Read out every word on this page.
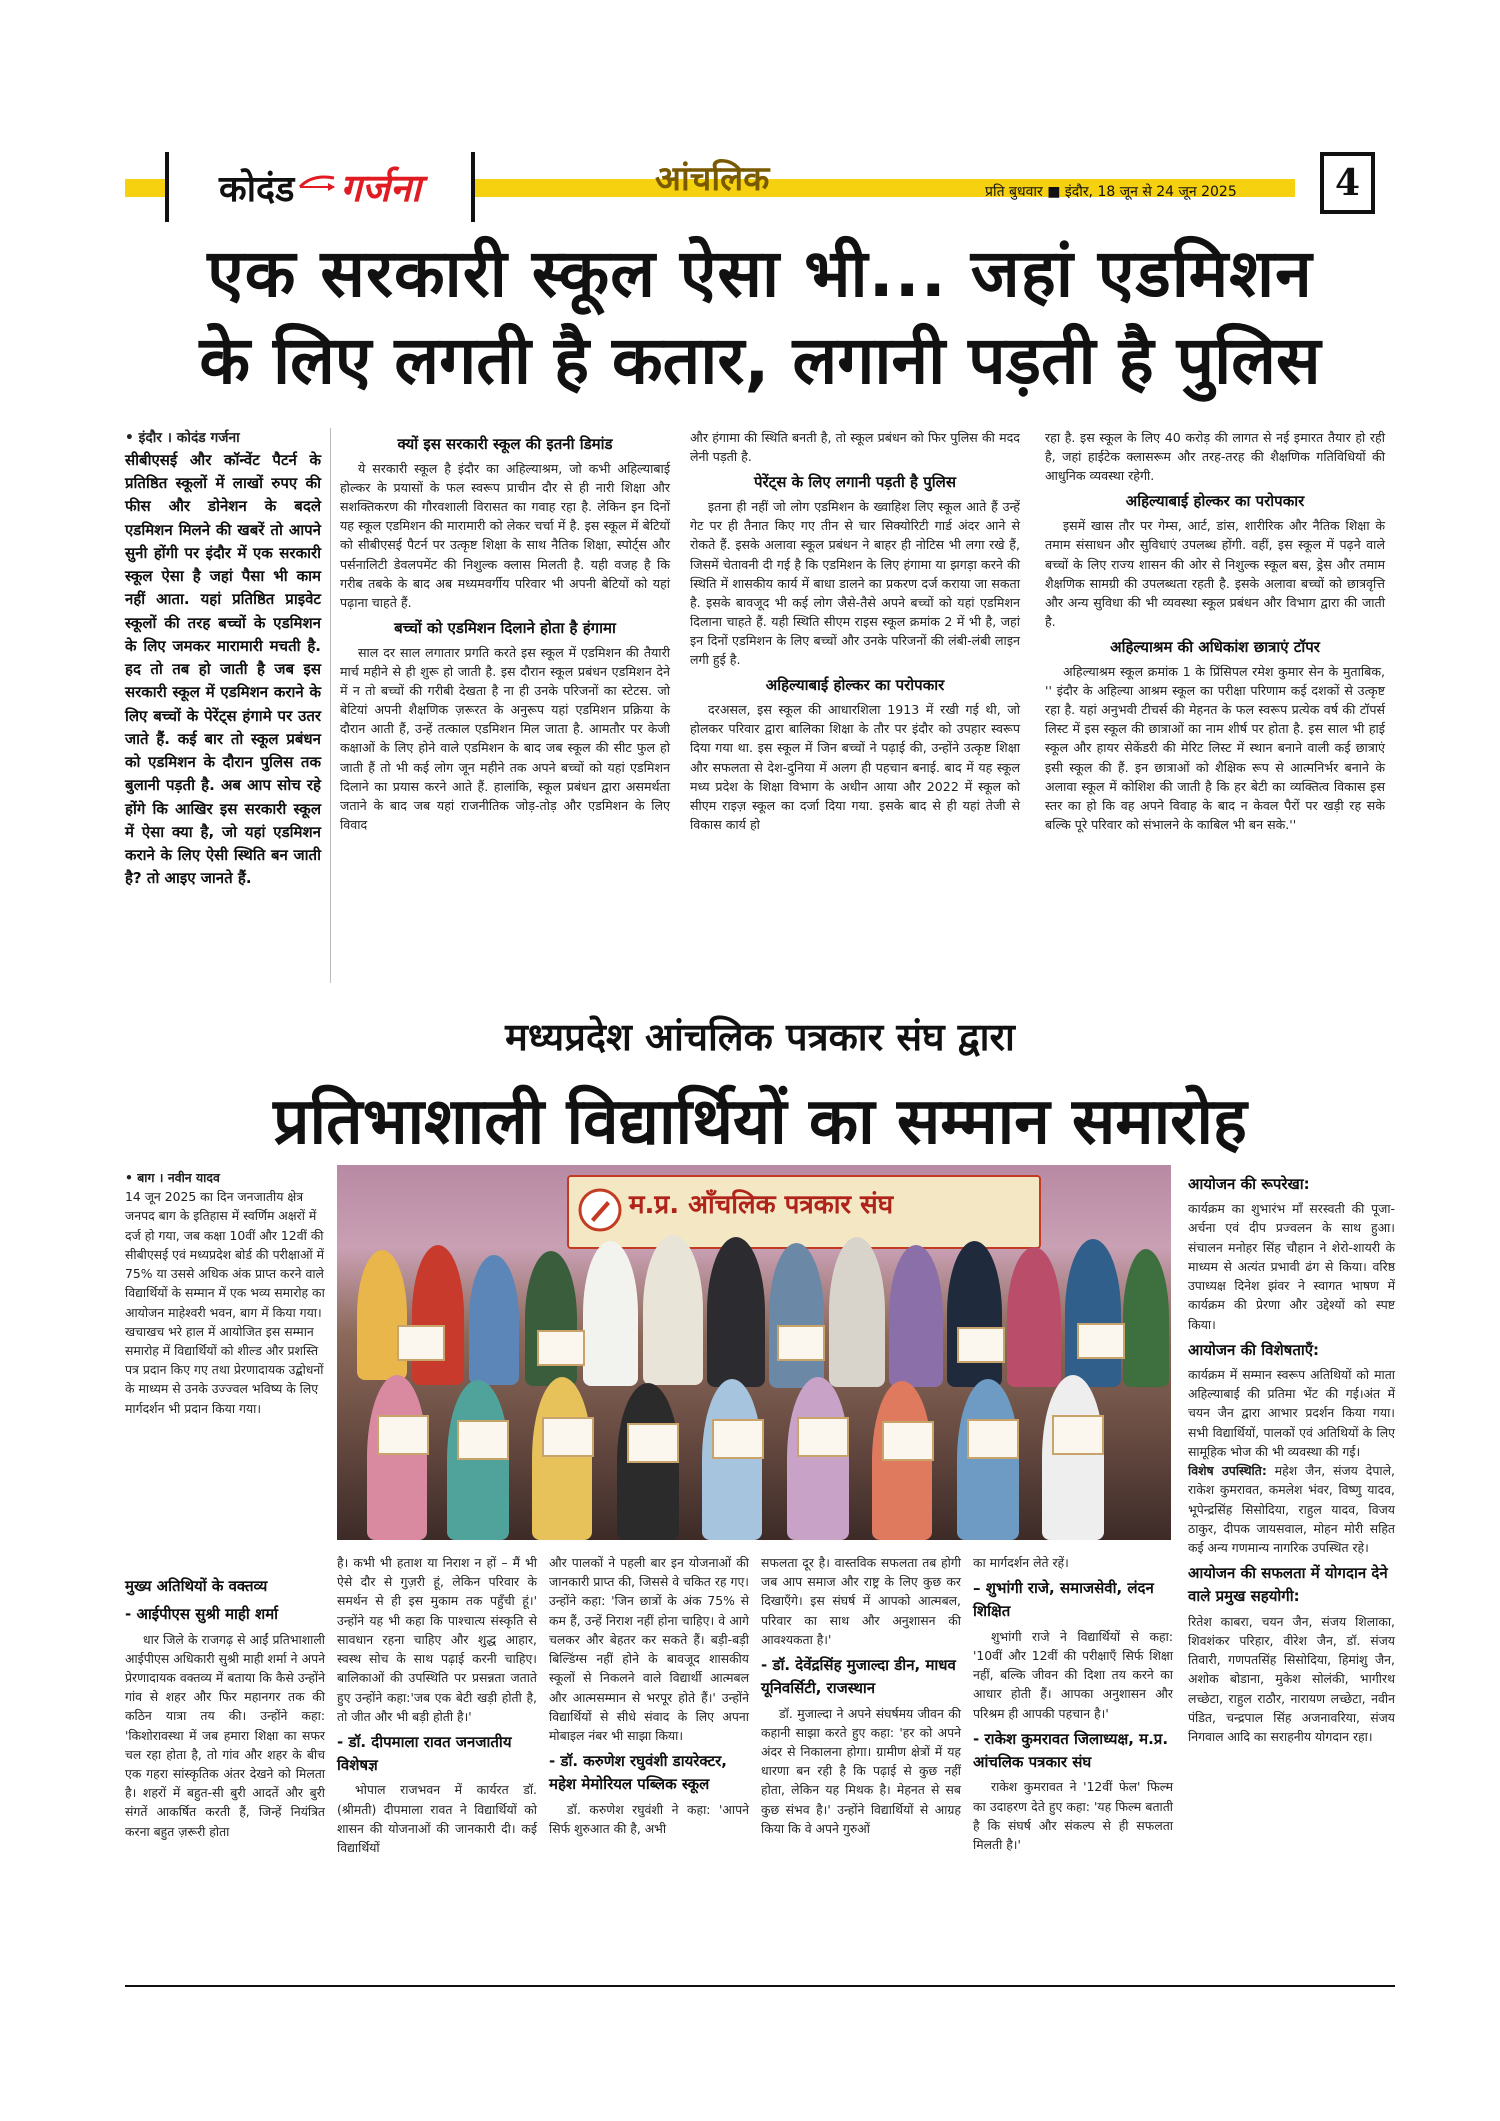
कोदंड गर्जना	आंचलिक	प्रति बुधवार ■ इंदौर, 18 जून से 24 जून 2025	4
एक सरकारी स्कूल ऐसा भी... जहां एडमिशन
के लिए लगती है कतार, लगानी पड़ती है पुलिस

• इंदौर । कोदंड गर्जना

सीबीएसई और कॉन्वेंट पैटर्न के प्रतिष्ठित स्कूलों में लाखों रुपए की फीस और डोनेशन के बदले एडमिशन मिलने की खबरें तो आपने सुनी होंगी पर इंदौर में एक सरकारी स्कूल ऐसा है जहां पैसा भी काम नहीं आता. यहां प्रतिष्ठित प्राइवेट स्कूलों की तरह बच्चों के एडमिशन के लिए जमकर मारामारी मचती है. हद तो तब हो जाती है जब इस सरकारी स्कूल में एडमिशन कराने के लिए बच्चों के पेरेंट्स हंगामे पर उतर जाते हैं. कई बार तो स्कूल प्रबंधन को एडमिशन के दौरान पुलिस तक बुलानी पड़ती है. अब आप सोच रहे होंगे कि आखिर इस सरकारी स्कूल में ऐसा क्या है, जो यहां एडमिशन कराने के लिए ऐसी स्थिति बन जाती है? तो आइए जानते हैं.

क्यों इस सरकारी स्कूल की इतनी डिमांड

ये सरकारी स्कूल है इंदौर का अहिल्याश्रम, जो कभी अहिल्याबाई होल्कर के प्रयासों के फल स्वरूप प्राचीन दौर से ही नारी शिक्षा और सशक्तिकरण की गौरवशाली विरासत का गवाह रहा है. लेकिन इन दिनों यह स्कूल एडमिशन की मारामारी को लेकर चर्चा में है. इस स्कूल में बेटियों को सीबीएसई पैटर्न पर उत्कृष्ट शिक्षा के साथ नैतिक शिक्षा, स्पोर्ट्स और पर्सनालिटी डेवलपमेंट की निशुल्क क्लास मिलती है. यही वजह है कि गरीब तबके के बाद अब मध्यमवर्गीय परिवार भी अपनी बेटियों को यहां पढ़ाना चाहते हैं.

बच्चों को एडमिशन दिलाने होता है हंगामा

साल दर साल लगातार प्रगति करते इस स्कूल में एडमिशन की तैयारी मार्च महीने से ही शुरू हो जाती है. इस दौरान स्कूल प्रबंधन एडमिशन देने में न तो बच्चों की गरीबी देखता है ना ही उनके परिजनों का स्टेटस. जो बेटियां अपनी शैक्षणिक ज़रूरत के अनुरूप यहां एडमिशन प्रक्रिया के दौरान आती हैं, उन्हें तत्काल एडमिशन मिल जाता है. आमतौर पर केजी कक्षाओं के लिए होने वाले एडमिशन के बाद जब स्कूल की सीट फुल हो जाती हैं तो भी कई लोग जून महीने तक अपने बच्चों को यहां एडमिशन दिलाने का प्रयास करने आते हैं. हालांकि, स्कूल प्रबंधन द्वारा असमर्थता जताने के बाद जब यहां राजनीतिक जोड़-तोड़ और एडमिशन के लिए विवाद

और हंगामा की स्थिति बनती है, तो स्कूल प्रबंधन को फिर पुलिस की मदद लेनी पड़ती है.

पेरेंट्स के लिए लगानी पड़ती है पुलिस

इतना ही नहीं जो लोग एडमिशन के ख्वाहिश लिए स्कूल आते हैं उन्हें गेट पर ही तैनात किए गए तीन से चार सिक्योरिटी गार्ड अंदर आने से रोकते हैं. इसके अलावा स्कूल प्रबंधन ने बाहर ही नोटिस भी लगा रखे हैं, जिसमें चेतावनी दी गई है कि एडमिशन के लिए हंगामा या झगड़ा करने की स्थिति में शासकीय कार्य में बाधा डालने का प्रकरण दर्ज कराया जा सकता है. इसके बावजूद भी कई लोग जैसे-तैसे अपने बच्चों को यहां एडमिशन दिलाना चाहते हैं. यही स्थिति सीएम राइस स्कूल क्रमांक 2 में भी है, जहां इन दिनों एडमिशन के लिए बच्चों और उनके परिजनों की लंबी-लंबी लाइन लगी हुई है.

अहिल्याबाई होल्कर का परोपकार

दरअसल, इस स्कूल की आधारशिला 1913 में रखी गई थी, जो होलकर परिवार द्वारा बालिका शिक्षा के तौर पर इंदौर को उपहार स्वरूप दिया गया था. इस स्कूल में जिन बच्चों ने पढ़ाई की, उन्होंने उत्कृष्ट शिक्षा और सफलता से देश-दुनिया में अलग ही पहचान बनाई. बाद में यह स्कूल मध्य प्रदेश के शिक्षा विभाग के अधीन आया और 2022 में स्कूल को सीएम राइज़ स्कूल का दर्जा दिया गया. इसके बाद से ही यहां तेजी से विकास कार्य हो

रहा है. इस स्कूल के लिए 40 करोड़ की लागत से नई इमारत तैयार हो रही है, जहां हाईटेक क्लासरूम और तरह-तरह की शैक्षणिक गतिविधियों की आधुनिक व्यवस्था रहेगी.

अहिल्याबाई होल्कर का परोपकार

इसमें खास तौर पर गेम्स, आर्ट, डांस, शारीरिक और नैतिक शिक्षा के तमाम संसाधन और सुविधाएं उपलब्ध होंगी. वहीं, इस स्कूल में पढ़ने वाले बच्चों के लिए राज्य शासन की ओर से निशुल्क स्कूल बस, ड्रेस और तमाम शैक्षणिक सामग्री की उपलब्धता रहती है. इसके अलावा बच्चों को छात्रवृत्ति और अन्य सुविधा की भी व्यवस्था स्कूल प्रबंधन और विभाग द्वारा की जाती है.

अहिल्याश्रम की अधिकांश छात्राएं टॉपर

अहिल्याश्रम स्कूल क्रमांक 1 के प्रिंसिपल रमेश कुमार सेन के मुताबिक, '' इंदौर के अहिल्या आश्रम स्कूल का परीक्षा परिणाम कई दशकों से उत्कृष्ट रहा है. यहां अनुभवी टीचर्स की मेहनत के फल स्वरूप प्रत्येक वर्ष की टॉपर्स लिस्ट में इस स्कूल की छात्राओं का नाम शीर्ष पर होता है. इस साल भी हाई स्कूल और हायर सेकेंडरी की मेरिट लिस्ट में स्थान बनाने वाली कई छात्राएं इसी स्कूल की हैं. इन छात्राओं को शैक्षिक रूप से आत्मनिर्भर बनाने के अलावा स्कूल में कोशिश की जाती है कि हर बेटी का व्यक्तित्व विकास इस स्तर का हो कि वह अपने विवाह के बाद न केवल पैरों पर खड़ी रह सके बल्कि पूरे परिवार को संभालने के काबिल भी बन सके.''

मध्यप्रदेश आंचलिक पत्रकार संघ द्वारा
प्रतिभाशाली विद्यार्थियों का सम्मान समारोह

• बाग । नवीन यादव

14 जून 2025 का दिन जनजातीय क्षेत्र जनपद बाग के इतिहास में स्वर्णिम अक्षरों में दर्ज हो गया, जब कक्षा 10वीं और 12वीं की सीबीएसई एवं मध्यप्रदेश बोर्ड की परीक्षाओं में 75% या उससे अधिक अंक प्राप्त करने वाले विद्यार्थियों के सम्मान में एक भव्य समारोह का आयोजन माहेश्वरी भवन, बाग में किया गया। खचाखच भरे हाल में आयोजित इस सम्मान समारोह में विद्यार्थियों को शील्ड और प्रशस्ति पत्र प्रदान किए गए तथा प्रेरणादायक उद्बोधनों के माध्यम से उनके उज्ज्वल भविष्य के लिए मार्गदर्शन भी प्रदान किया गया।

म.प्र. आँचलिक पत्रकार संघ

आयोजन की रूपरेखा:

कार्यक्रम का शुभारंभ माँ सरस्वती की पूजा-अर्चना एवं दीप प्रज्वलन के साथ हुआ। संचालन मनोहर सिंह चौहान ने शेरो-शायरी के माध्यम से अत्यंत प्रभावी ढंग से किया। वरिष्ठ उपाध्यक्ष दिनेश झंवर ने स्वागत भाषण में कार्यक्रम की प्रेरणा और उद्देश्यों को स्पष्ट किया।

आयोजन की विशेषताएँ:

कार्यक्रम में सम्मान स्वरूप अतिथियों को माता अहिल्याबाई की प्रतिमा भेंट की गई।अंत में चयन जैन द्वारा आभार प्रदर्शन किया गया। सभी विद्यार्थियों, पालकों एवं अतिथियों के लिए सामूहिक भोज की भी व्यवस्था की गई।

विशेष उपस्थिति: महेश जैन, संजय देपाले, राकेश कुमरावत, कमलेश भंवर, विष्णु यादव, भूपेन्द्रसिंह सिसोदिया, राहुल यादव, विजय ठाकुर, दीपक जायसवाल, मोहन मोरी सहित कई अन्य गणमान्य नागरिक उपस्थित रहे।

आयोजन की सफलता में योगदान देने वाले प्रमुख सहयोगी:

रितेश काबरा, चयन जैन, संजय शिलाका, शिवशंकर परिहार, वीरेश जैन, डॉ. संजय तिवारी, गणपतसिंह सिसोदिया, हिमांशु जैन, अशोक बोडाना, मुकेश सोलंकी, भागीरथ लच्छेटा, राहुल राठौर, नारायण लच्छेटा, नवीन पंडित, चन्द्रपाल सिंह अजनावरिया, संजय निगवाल आदि का सराहनीय योगदान रहा।

मुख्य अतिथियों के वक्तव्य

- आईपीएस सुश्री माही शर्मा

धार जिले के राजगढ़ से आईं प्रतिभाशाली आईपीएस अधिकारी सुश्री माही शर्मा ने अपने प्रेरणादायक वक्तव्य में बताया कि कैसे उन्होंने गांव से शहर और फिर महानगर तक की कठिन यात्रा तय की। उन्होंने कहा: 'किशोरावस्था में जब हमारा शिक्षा का सफर चल रहा होता है, तो गांव और शहर के बीच एक गहरा सांस्कृतिक अंतर देखने को मिलता है। शहरों में बहुत-सी बुरी आदतें और बुरी संगतें आकर्षित करती हैं, जिन्हें नियंत्रित करना बहुत ज़रूरी होता

है। कभी भी हताश या निराश न हों – मैं भी ऐसे दौर से गुज़री हूं, लेकिन परिवार के समर्थन से ही इस मुकाम तक पहुँची हूं।' उन्होंने यह भी कहा कि पाश्चात्य संस्कृति से सावधान रहना चाहिए और शुद्ध आहार, स्वस्थ सोच के साथ पढ़ाई करनी चाहिए। बालिकाओं की उपस्थिति पर प्रसन्नता जताते हुए उन्होंने कहा:'जब एक बेटी खड़ी होती है, तो जीत और भी बड़ी होती है।'

- डॉ. दीपमाला रावत जनजातीय विशेषज्ञ

भोपाल राजभवन में कार्यरत डॉ. (श्रीमती) दीपमाला रावत ने विद्यार्थियों को शासन की योजनाओं की जानकारी दी। कई विद्यार्थियों

और पालकों ने पहली बार इन योजनाओं की जानकारी प्राप्त की, जिससे वे चकित रह गए। उन्होंने कहा: 'जिन छात्रों के अंक 75% से कम हैं, उन्हें निराश नहीं होना चाहिए। वे आगे चलकर और बेहतर कर सकते हैं। बड़ी-बड़ी बिल्डिंग्स नहीं होने के बावजूद शासकीय स्कूलों से निकलने वाले विद्यार्थी आत्मबल और आत्मसम्मान से भरपूर होते हैं।' उन्होंने विद्यार्थियों से सीधे संवाद के लिए अपना मोबाइल नंबर भी साझा किया।

- डॉ. करुणेश रघुवंशी डायरेक्टर, महेश मेमोरियल पब्लिक स्कूल

डॉ. करुणेश रघुवंशी ने कहा: 'आपने सिर्फ शुरुआत की है, अभी

सफलता दूर है। वास्तविक सफलता तब होगी जब आप समाज और राष्ट्र के लिए कुछ कर दिखाएँगे। इस संघर्ष में आपको आत्मबल, परिवार का साथ और अनुशासन की आवश्यकता है।'

- डॉ. देवेंद्रसिंह मुजाल्दा डीन, माधव यूनिवर्सिटी, राजस्थान

डॉ. मुजाल्दा ने अपने संघर्षमय जीवन की कहानी साझा करते हुए कहा: 'हर को अपने अंदर से निकालना होगा। ग्रामीण क्षेत्रों में यह धारणा बन रही है कि पढ़ाई से कुछ नहीं होता, लेकिन यह मिथक है। मेहनत से सब कुछ संभव है।' उन्होंने विद्यार्थियों से आग्रह किया कि वे अपने गुरुओं

का मार्गदर्शन लेते रहें।

– शुभांगी राजे, समाजसेवी, लंदन शिक्षित

शुभांगी राजे ने विद्यार्थियों से कहा: '10वीं और 12वीं की परीक्षाएँ सिर्फ शिक्षा नहीं, बल्कि जीवन की दिशा तय करने का आधार होती हैं। आपका अनुशासन और परिश्रम ही आपकी पहचान है।'

- राकेश कुमरावत जिलाध्यक्ष, म.प्र. आंचलिक पत्रकार संघ

राकेश कुमरावत ने '12वीं फेल' फिल्म का उदाहरण देते हुए कहा: 'यह फिल्म बताती है कि संघर्ष और संकल्प से ही सफलता मिलती है।'
